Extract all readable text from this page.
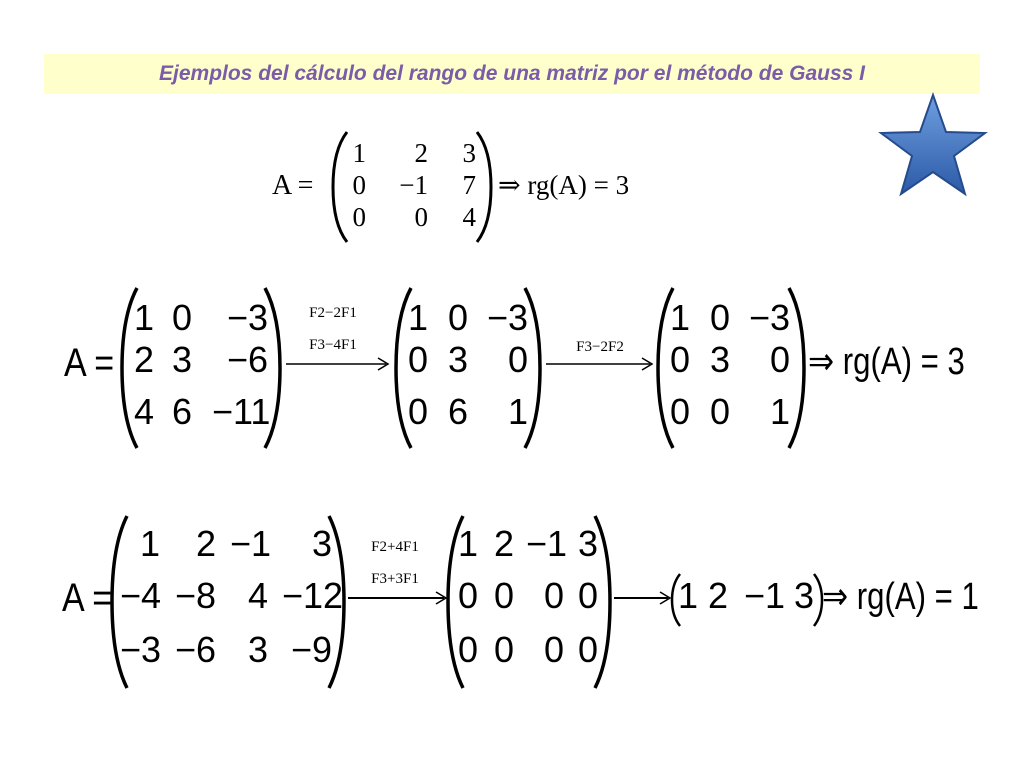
Ejemplos del cálculo del rango de una matriz por el método de Gauss I
A =
1	2	3
0	−1	7
0	0	4
⇒ rg(A) = 3
A =
1 0 −3
2 3 −6
4 6 −11
F2−2F1
F3−4F1
1 0 −3
0 3	0
0 6	1
F3−2F2
1 0 −3
0 3	0
0 0	1
⇒ rg(A) = 3
A =
1 2 −1	3
−4 −8 4 −12
−3 −6 3 −9
F2+4F1
F3+3F1
1 2 −1 3
0 0 0 0
0 0 0 0
1 2 −1 3 ⇒ rg(A) = 1
